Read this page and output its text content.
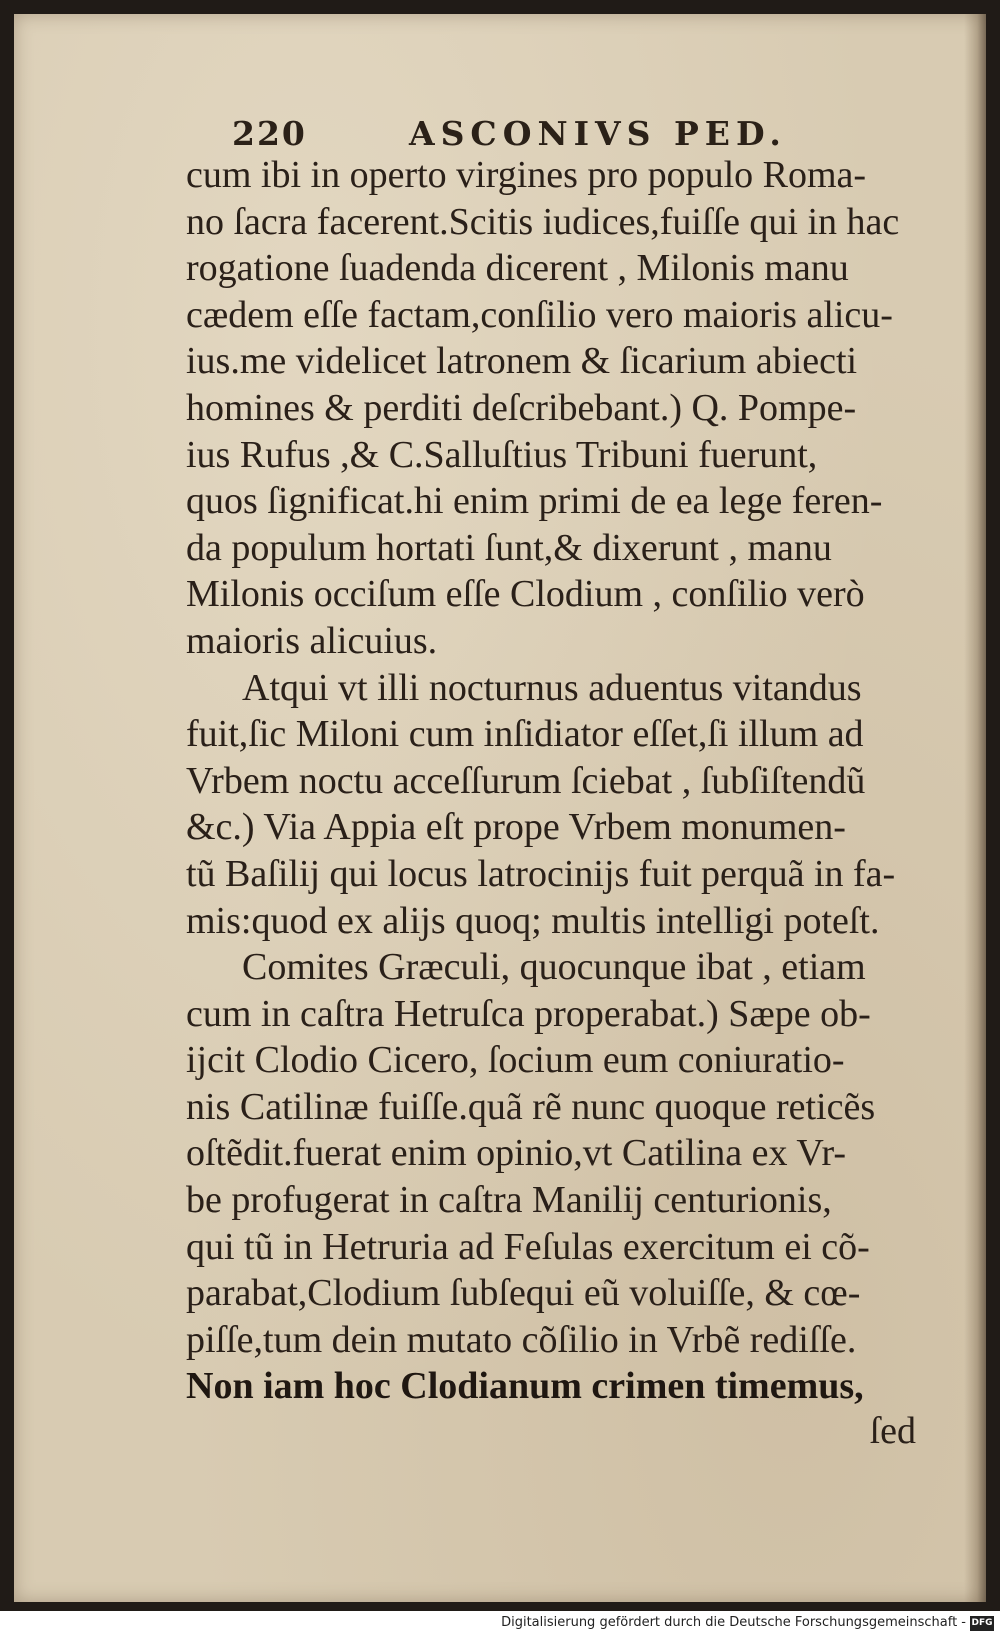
220	ASCONIVS PED.
cum ibi in operto virgines pro populo Roma-
no ſacra facerent.Scitis iudices,fuiſſe qui in hac
rogatione ſuadenda dicerent , Milonis manu
cædem eſſe factam,conſilio vero maioris alicu-
ius.me videlicet latronem & ſicarium abiecti
homines & perditi deſcribebant.) Q. Pompe-
ius Rufus ,& C.Salluſtius Tribuni fuerunt,
quos ſignificat.hi enim primi de ea lege feren-
da populum hortati ſunt,& dixerunt , manu
Milonis occiſum eſſe Clodium , conſilio verò
maioris alicuius.
Atqui vt illi nocturnus aduentus vitandus
fuit,ſic Miloni cum inſidiator eſſet,ſi illum ad
Vrbem noctu acceſſurum ſciebat , ſubſiſtendũ
&c.) Via Appia eſt prope Vrbem monumen-
tũ Baſilij qui locus latrocinijs fuit perquã in fa-
mis:quod ex alijs quoq; multis intelligi poteſt.
Comites Græculi, quocunque ibat , etiam
cum in caſtra Hetruſca properabat.) Sæpe ob-
ijcit Clodio Cicero, ſocium eum coniuratio-
nis Catilinæ fuiſſe.quã rẽ nunc quoque reticẽs
oſtẽdit.fuerat enim opinio,vt Catilina ex Vr-
be profugerat in caſtra Manilij centurionis,
qui tũ in Hetruria ad Feſulas exercitum ei cõ-
parabat,Clodium ſubſequi eũ voluiſſe, & cœ-
piſſe,tum dein mutato cõſilio in Vrbẽ rediſſe.
Non iam hoc Clodianum crimen timemus,
ſed
Digitalisierung gefördert durch die Deutsche Forschungsgemeinschaft - DFG
